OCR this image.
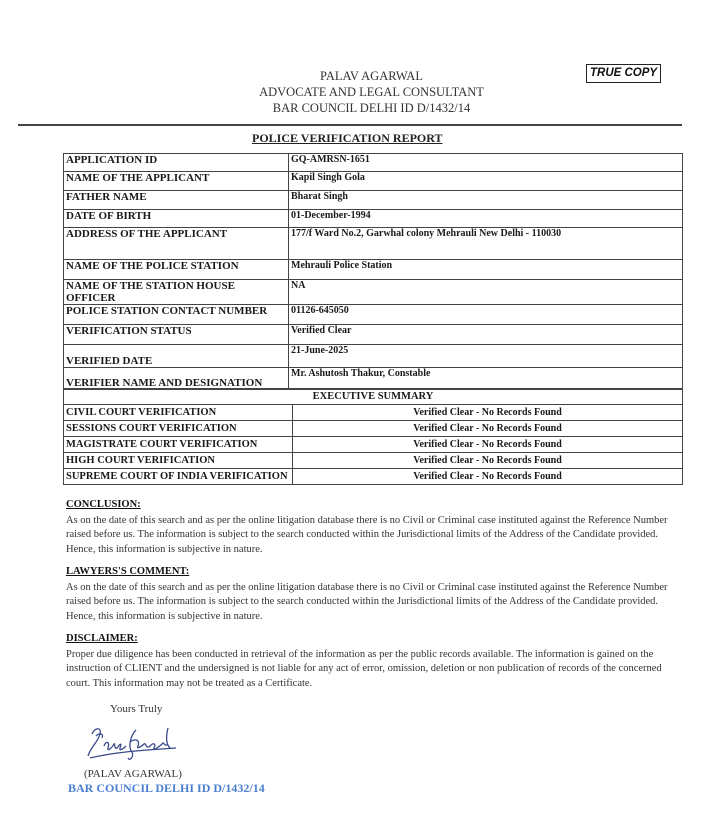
PALAV AGARWAL
ADVOCATE AND LEGAL CONSULTANT
BAR COUNCIL DELHI ID D/1432/14
TRUE COPY
POLICE VERIFICATION REPORT
APPLICATION ID	GQ-AMRSN-1651
NAME OF THE APPLICANT	Kapil Singh Gola
FATHER NAME	Bharat Singh
DATE OF BIRTH	01-December-1994
ADDRESS OF THE APPLICANT	177/f Ward No.2, Garwhal colony Mehrauli New Delhi - 110030
NAME OF THE POLICE STATION	Mehrauli Police Station
NAME OF THE STATION HOUSE OFFICER	NA
POLICE STATION CONTACT NUMBER	01126-645050
VERIFICATION STATUS	Verified Clear
VERIFIED DATE	21-June-2025
VERIFIER NAME AND DESIGNATION	Mr. Ashutosh Thakur, Constable
EXECUTIVE SUMMARY	
CIVIL COURT VERIFICATION	Verified Clear - No Records Found
SESSIONS COURT VERIFICATION	Verified Clear - No Records Found
MAGISTRATE COURT VERIFICATION	Verified Clear - No Records Found
HIGH COURT VERIFICATION	Verified Clear - No Records Found
SUPREME COURT OF INDIA VERIFICATION	Verified Clear - No Records Found
CONCLUSION:

As on the date of this search and as per the online litigation database there is no Civil or Criminal case instituted against the Reference Number raised before us. The information is subject to the search conducted within the Jurisdictional limits of the Address of the Candidate provided. Hence, this information is subjective in nature.

LAWYERS'S COMMENT:

As on the date of this search and as per the online litigation database there is no Civil or Criminal case instituted against the Reference Number raised before us. The information is subject to the search conducted within the Jurisdictional limits of the Address of the Candidate provided. Hence, this information is subjective in nature.

DISCLAIMER:

Proper due diligence has been conducted in retrieval of the information as per the public records available. The information is gained on the instruction of CLIENT and the undersigned is not liable for any act of error, omission, deletion or non publication of records of the concerned court. This information may not be treated as a Certificate.

Yours Truly
(PALAV AGARWAL)
BAR COUNCIL DELHI ID D/1432/14
